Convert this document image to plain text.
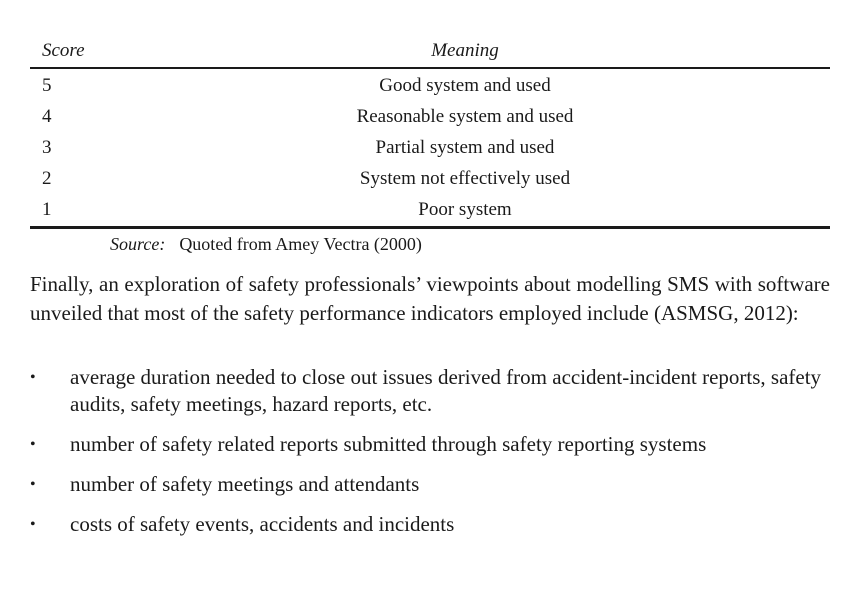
Score	Meaning
5	Good system and used
4	Reasonable system and used
3	Partial system and used
2	System not effectively used
1	Poor system
Source: Quoted from Amey Vectra (2000)

Finally, an exploration of safety professionals’ viewpoints about modelling SMS with software unveiled that most of the safety performance indicators employed include (ASMSG, 2012):

•	average duration needed to close out issues derived from accident-incident reports, safety audits, safety meetings, hazard reports, etc.
•	number of safety related reports submitted through safety reporting systems
•	number of safety meetings and attendants
•	costs of safety events, accidents and incidents
